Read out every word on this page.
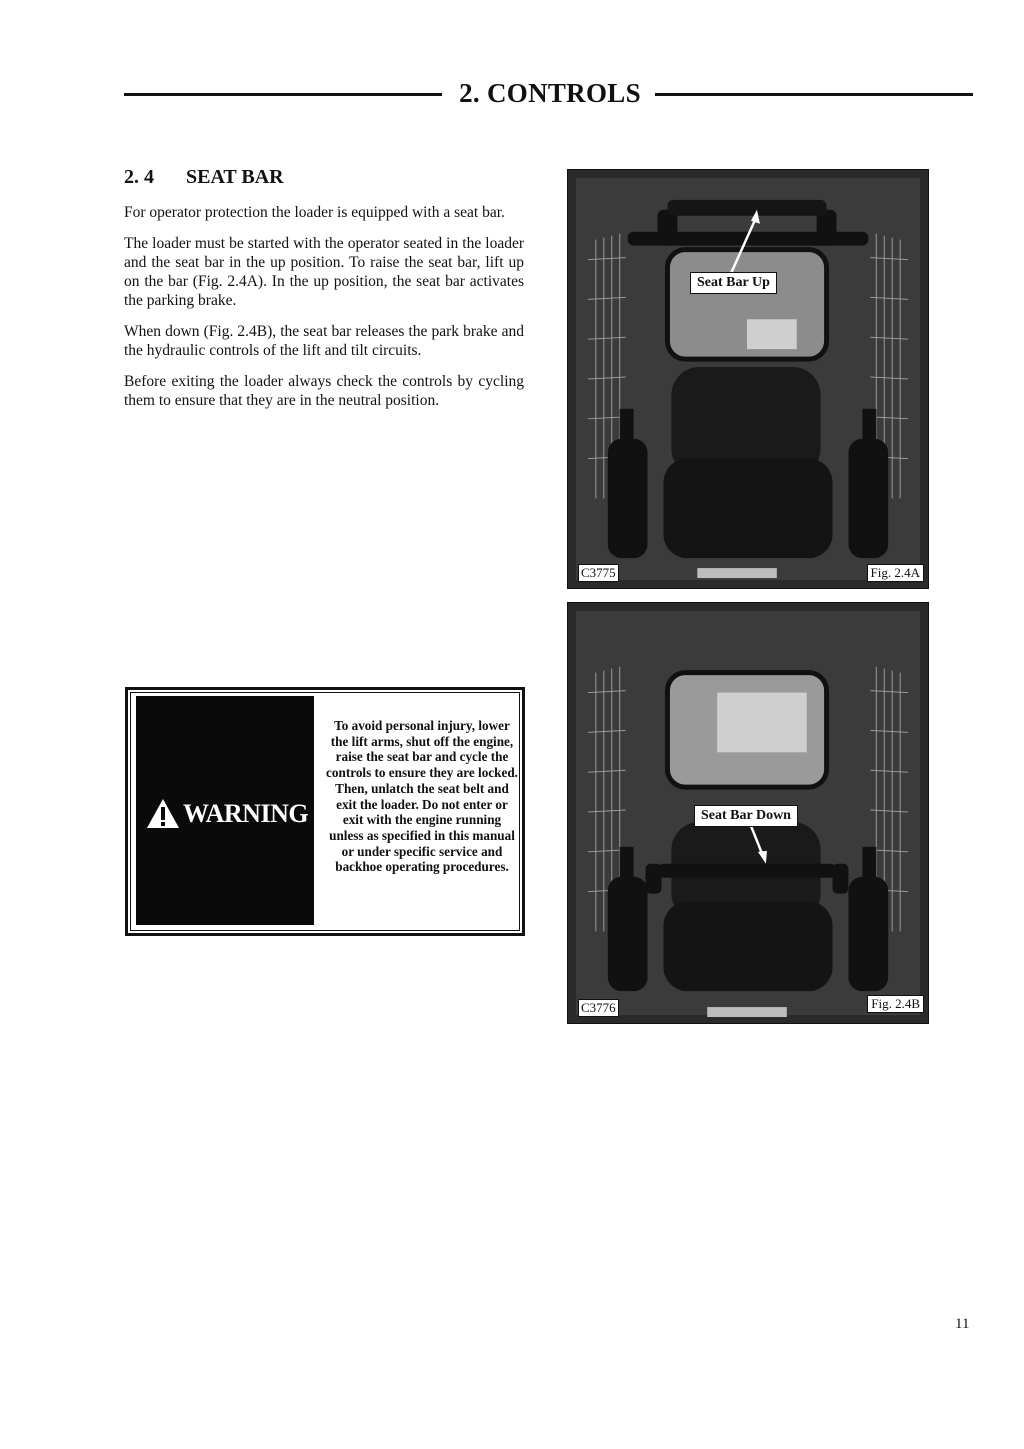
2. CONTROLS
2. 4 SEAT BAR

For operator protection the loader is equipped with a seat bar.

The loader must be started with the operator seated in the loader and the seat bar in the up position. To raise the seat bar, lift up on the bar (Fig. 2.4A). In the up position, the seat bar activates the parking brake.

When down (Fig. 2.4B), the seat bar releases the park brake and the hydraulic controls of the lift and tilt circuits.

Before exiting the loader always check the controls by cycling them to ensure that they are in the neutral position.

WARNING
To avoid personal injury, lower the lift arms, shut off the engine, raise the seat bar and cycle the controls to ensure they are locked. Then, unlatch the seat belt and exit the loader. Do not enter or exit with the engine running unless as specified in this manual or under specific service and backhoe operating procedures.
Seat Bar Up
C3775	Fig. 2.4A
Seat Bar Down
C3776	Fig. 2.4B
11
